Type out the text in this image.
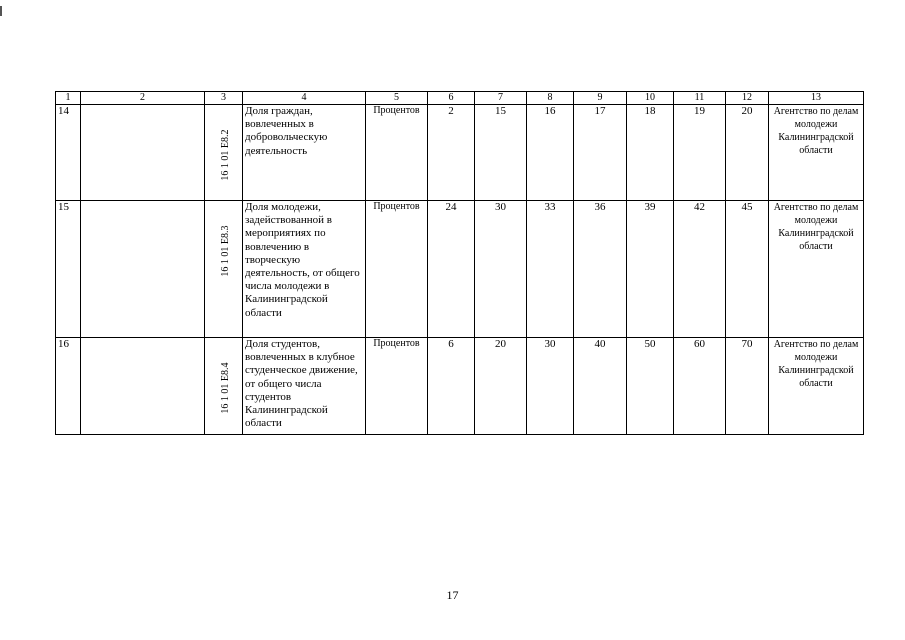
1	2	3	4	5	6	7	8	9	10	11	12	13
14		16 1 01 E8.2	Доля граждан, вовлеченных в добровольческую деятельность	Процентов	2	15	16	17	18	19	20	Агентство по делам молодежи Калининградской области
15		16 1 01 E8.3	Доля молодежи, задействованной в мероприятиях по вовлечению в творческую деятельность, от общего числа молодежи в Калининградской области	Процентов	24	30	33	36	39	42	45	Агентство по делам молодежи Калининградской области
16		16 1 01 E8.4	Доля студентов, вовлеченных в клубное студенческое движение, от общего числа студентов Калининградской области	Процентов	6	20	30	40	50	60	70	Агентство по делам молодежи Калининградской области
17
